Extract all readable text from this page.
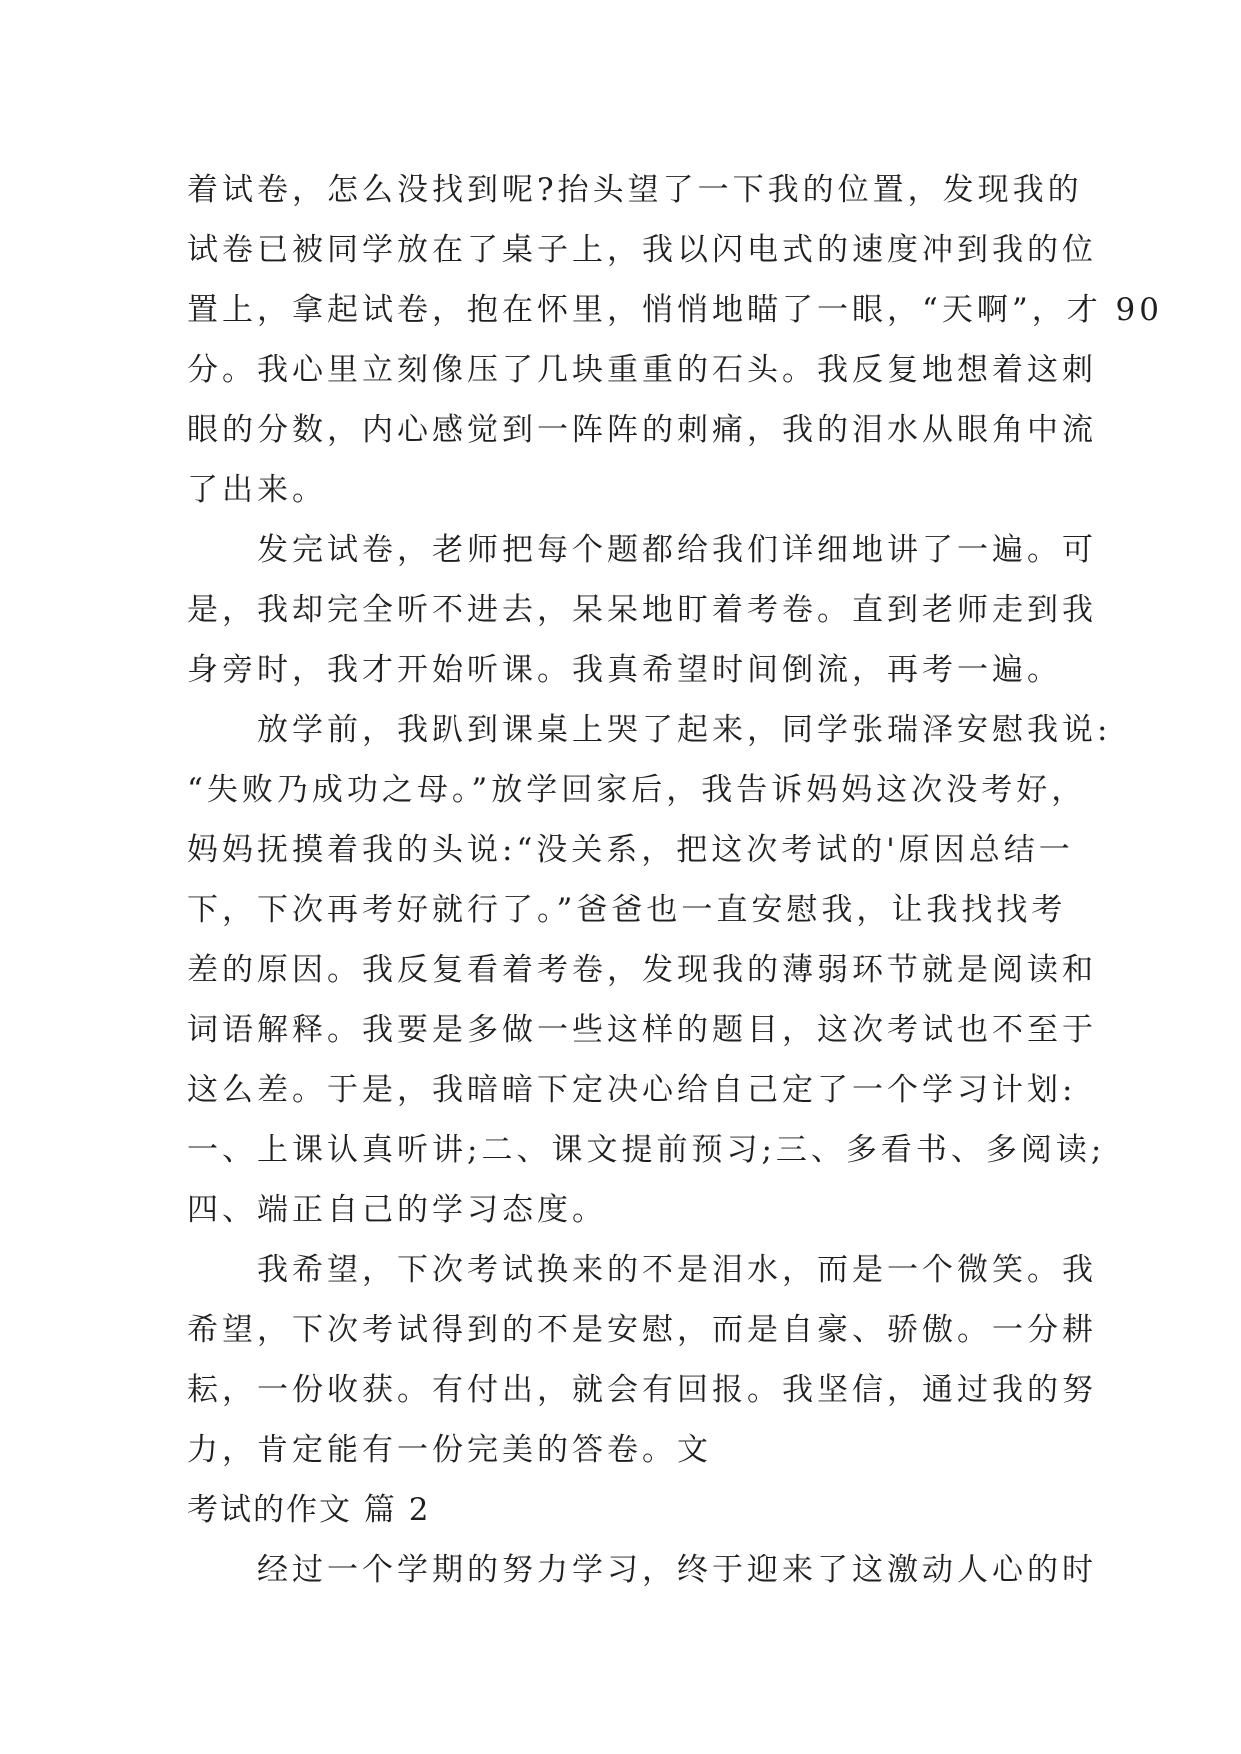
着试卷，怎么没找到呢?抬头望了一下我的位置，发现我的
试卷已被同学放在了桌子上，我以闪电式的速度冲到我的位
置上，拿起试卷，抱在怀里，悄悄地瞄了一眼，“天啊”，才 90
分。我心里立刻像压了几块重重的石头。我反复地想着这刺
眼的分数，内心感觉到一阵阵的刺痛，我的泪水从眼角中流
了出来。
　　发完试卷，老师把每个题都给我们详细地讲了一遍。可
是，我却完全听不进去，呆呆地盯着考卷。直到老师走到我
身旁时，我才开始听课。我真希望时间倒流，再考一遍。
　　放学前，我趴到课桌上哭了起来，同学张瑞泽安慰我说:
“失败乃成功之母。”放学回家后，我告诉妈妈这次没考好，
妈妈抚摸着我的头说:“没关系，把这次考试的'原因总结一
下，下次再考好就行了。”爸爸也一直安慰我，让我找找考
差的原因。我反复看着考卷，发现我的薄弱环节就是阅读和
词语解释。我要是多做一些这样的题目，这次考试也不至于
这么差。于是，我暗暗下定决心给自己定了一个学习计划:
一、上课认真听讲;二、课文提前预习;三、多看书、多阅读;
四、端正自己的学习态度。
　　我希望，下次考试换来的不是泪水，而是一个微笑。我
希望，下次考试得到的不是安慰，而是自豪、骄傲。一分耕
耘，一份收获。有付出，就会有回报。我坚信，通过我的努
力，肯定能有一份完美的答卷。文
考试的作文 篇 2
　　经过一个学期的努力学习，终于迎来了这激动人心的时
